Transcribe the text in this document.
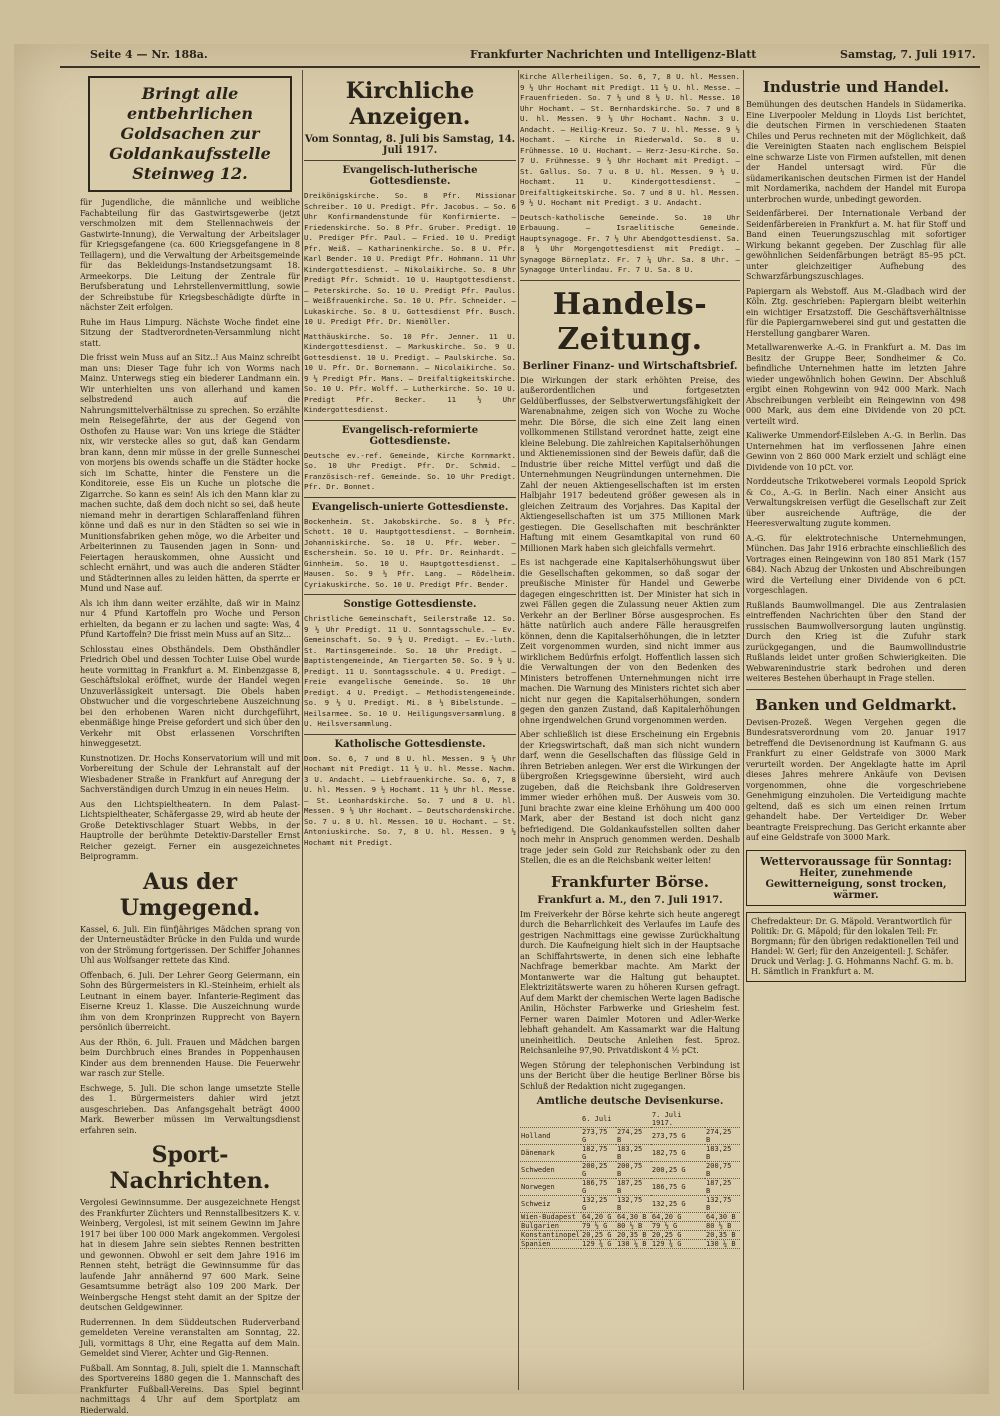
Seite 4 — Nr. 188a.	Frankfurter Nachrichten und Intelligenz-Blatt	Samstag, 7. Juli 1917.
Bringt alle entbehrlichen Goldsachen zur Goldankaufsstelle Steinweg 12.

für Jugendliche, die männliche und weibliche Fachabteilung für das Gastwirtsgewerbe (jetzt verschmolzen mit dem Stellennachweis der Gastwirte-Innung), die Verwaltung der Arbeitslager für Kriegsgefangene (ca. 600 Kriegsgefangene in 8 Teillagern), und die Verwaltung der Arbeitsgemeinde für das Bekleidungs-Instandsetzungsamt 18. Armeekorps. Die Leitung der Zentrale für Berufsberatung und Lehrstellenvermittlung, sowie der Schreibstube für Kriegsbeschädigte dürfte in nächster Zeit erfolgen.

Ruhe im Haus Limpurg. Nächste Woche findet eine Sitzung der Stadtverordneten-Versammlung nicht statt.

Die frisst wein Muss auf an Sitz..! Aus Mainz schreibt man uns: Dieser Tage fuhr ich von Worms nach Mainz. Unterwegs stieg ein biederer Landmann ein. Wir unterhielten uns von allerhand und kamen selbstredend auch auf die Nahrungsmittelverhältnisse zu sprechen. So erzählte mein Reisegefährte, der aus der Gegend von Osthofen zu Hause war: Von uns kriege die Städter nix, wir verstecke alles so gut, daß kan Gendarm bran kann, denn mir müsse in der grelle Sunneschei von morjens bis owends schaffe un die Städter hocke sich im Schatte, hinter die Fenstere un die Konditoreie, esse Eis un Kuche un plotsche die Zigarrche. So kann es sein! Als ich den Mann klar zu machen suchte, daß dem doch nicht so sei, daß heute niemand mehr in derartigen Schlaraffenland führen könne und daß es nur in den Städten so sei wie in Munitionsfabriken gehen möge, wo die Arbeiter und Arbeiterinnen zu Tausenden jagen in Sonn- und Feiertagen herauskommen, ohne Aussicht und schlecht ernährt, und was auch die anderen Städter und Städterinnen alles zu leiden hätten, da sperrte er Mund und Nase auf.

Als ich ihm dann weiter erzählte, daß wir in Mainz nur 4 Pfund Kartoffeln pro Woche und Person erhielten, da begann er zu lachen und sagte: Was, 4 Pfund Kartoffeln? Die frisst mein Muss auf an Sitz...

Schlosstau eines Obsthändels. Dem Obsthändler Friedrich Obel und dessen Tochter Luise Obel wurde heute vormittag in Frankfurt a. M. Einbenzgasse 8, Geschäftslokal eröffnet, wurde der Handel wegen Unzuverlässigkeit untersagt. Die Obels haben Obstwucher und die vorgeschriebene Auszeichnung bei den erhobenen Waren nicht durchgeführt, ebenmäßige hinge Preise gefordert und sich über den Verkehr mit Obst erlassenen Vorschriften hinweggesetzt.

Kunstnotizen. Dr. Hochs Konservatorium will und mit Vorbereitung der Schule der Lehranstalt auf der Wiesbadener Straße in Frankfurt auf Anregung der Sachverständigen durch Umzug in ein neues Heim.

Aus den Lichtspieltheatern. In dem Palast-Lichtspieltheater, Schäfergasse 29, wird ab heute der Große Detektivschlager Stuart Webbs, in der Hauptrolle der berühmte Detektiv-Darsteller Ernst Reicher gezeigt. Ferner ein ausgezeichnetes Beiprogramm.

Aus der Umgegend.

Kassel, 6. Juli. Ein fünfjähriges Mädchen sprang von der Unterneustädter Brücke in den Fulda und wurde von der Strömung fortgerissen. Der Schiffer Johannes Uhl aus Wolfsanger rettete das Kind.

Offenbach, 6. Juli. Der Lehrer Georg Geiermann, ein Sohn des Bürgermeisters in Kl.-Steinheim, erhielt als Leutnant in einem bayer. Infanterie-Regiment das Eiserne Kreuz 1. Klasse. Die Auszeichnung wurde ihm von dem Kronprinzen Rupprecht von Bayern persönlich überreicht.

Aus der Rhön, 6. Juli. Frauen und Mädchen bargen beim Durchbruch eines Brandes in Poppenhausen Kinder aus dem brennenden Hause. Die Feuerwehr war rasch zur Stelle.

Eschwege, 5. Juli. Die schon lange umsetzte Stelle des 1. Bürgermeisters dahier wird jetzt ausgeschrieben. Das Anfangsgehalt beträgt 4000 Mark. Bewerber müssen im Verwaltungsdienst erfahren sein.

Sport-Nachrichten.

Vergolesi Gewinnsumme. Der ausgezeichnete Hengst des Frankfurter Züchters und Rennstallbesitzers K. v. Weinberg, Vergolesi, ist mit seinem Gewinn im Jahre 1917 bei über 100 000 Mark angekommen. Vergolesi hat in diesem Jahre sein siebtes Rennen bestritten und gewonnen. Obwohl er seit dem Jahre 1916 im Rennen steht, beträgt die Gewinnsumme für das laufende Jahr annähernd 97 600 Mark. Seine Gesamtsumme beträgt also 109 200 Mark. Der Weinbergsche Hengst steht damit an der Spitze der deutschen Geldgewinner.

Ruderrennen. In dem Süddeutschen Ruderverband gemeldeten Vereine veranstalten am Sonntag, 22. Juli, vormittags 8 Uhr, eine Regatta auf dem Main. Gemeldet sind Vierer, Achter und Gig-Rennen.

Fußball. Am Sonntag, 8. Juli, spielt die 1. Mannschaft des Sportvereins 1880 gegen die 1. Mannschaft des Frankfurter Fußball-Vereins. Das Spiel beginnt nachmittags 4 Uhr auf dem Sportplatz am Riederwald.

Kirchliche Anzeigen.
Vom Sonntag, 8. Juli bis Samstag, 14. Juli 1917.
Evangelisch-lutherische Gottesdienste.

Dreikönigskirche. So. 8 Pfr. Missionar Schreiber. 10 U. Predigt. Pfr. Jacobus. — So. 6 Uhr Konfirmandenstunde für Konfirmierte. — Friedenskirche. So. 8 Pfr. Gruber. Predigt. 10 U. Prediger Pfr. Paul. — Fried. 10 U. Predigt Pfr. Weiß. — Katharinenkirche. So. 8 U. Pfr. Karl Bender. 10 U. Predigt Pfr. Hohmann. 11 Uhr Kindergottesdienst. — Nikolaikirche. So. 8 Uhr Predigt Pfr. Schmidt. 10 U. Hauptgottesdienst. — Peterskirche. So. 10 U. Predigt Pfr. Paulus. — Weißfrauenkirche. So. 10 U. Pfr. Schneider. — Lukaskirche. So. 8 U. Gottesdienst Pfr. Busch. 10 U. Predigt Pfr. Dr. Niemöller.

Matthäuskirche. So. 10 Pfr. Jenner. 11 U. Kindergottesdienst. — Markuskirche. So. 9 U. Gottesdienst. 10 U. Predigt. — Paulskirche. So. 10 U. Pfr. Dr. Bornemann. — Nicolaikirche. So. 9 ½ Predigt Pfr. Mans. — Dreifaltigkeitskirche. So. 10 U. Pfr. Wolff. — Lutherkirche. So. 10 U. Predigt Pfr. Becker. 11 ½ Uhr Kindergottesdienst.

Evangelisch-reformierte Gottesdienste.

Deutsche ev.-ref. Gemeinde, Kirche Kornmarkt. So. 10 Uhr Predigt. Pfr. Dr. Schmid. — Französisch-ref. Gemeinde. So. 10 Uhr Predigt. Pfr. Dr. Bonnet.

Evangelisch-unierte Gottesdienste.

Bockenheim. St. Jakobskirche. So. 8 ½ Pfr. Schott. 10 U. Hauptgottesdienst. — Bornheim. Johanniskirche. So. 10 U. Pfr. Weber. — Eschersheim. So. 10 U. Pfr. Dr. Reinhardt. — Ginnheim. So. 10 U. Hauptgottesdienst. — Hausen. So. 9 ½ Pfr. Lang. — Rödelheim. Cyriakuskirche. So. 10 U. Predigt Pfr. Bender.

Sonstige Gottesdienste.

Christliche Gemeinschaft, Seilerstraße 12. So. 9 ½ Uhr Predigt. 11 U. Sonntagsschule. — Ev. Gemeinschaft. So. 9 ½ U. Predigt. — Ev.-luth. St. Martinsgemeinde. So. 10 Uhr Predigt. — Baptistengemeinde, Am Tiergarten 50. So. 9 ½ U. Predigt. 11 U. Sonntagsschule. 4 U. Predigt. — Freie evangelische Gemeinde. So. 10 Uhr Predigt. 4 U. Predigt. — Methodistengemeinde. So. 9 ½ U. Predigt. Mi. 8 ½ Bibelstunde. — Heilsarmee. So. 10 U. Heiligungsversammlung. 8 U. Heilsversammlung.

Katholische Gottesdienste.

Dom. So. 6, 7 und 8 U. hl. Messen. 9 ½ Uhr Hochamt mit Predigt. 11 ½ U. hl. Messe. Nachm. 3 U. Andacht. — Liebfrauenkirche. So. 6, 7, 8 U. hl. Messen. 9 ½ Hochamt. 11 ½ Uhr hl. Messe. — St. Leonhardskirche. So. 7 und 8 U. hl. Messen. 9 ½ Uhr Hochamt. — Deutschordenskirche. So. 7 u. 8 U. hl. Messen. 10 U. Hochamt. — St. Antoniuskirche. So. 7, 8 U. hl. Messen. 9 ½ Hochamt mit Predigt.

Kirche Allerheiligen. So. 6, 7, 8 U. hl. Messen. 9 ½ Uhr Hochamt mit Predigt. 11 ½ U. hl. Messe. — Frauenfrieden. So. 7 ½ und 8 ½ U. hl. Messe. 10 Uhr Hochamt. — St. Bernhardskirche. So. 7 und 8 U. hl. Messen. 9 ½ Uhr Hochamt. Nachm. 3 U. Andacht. — Heilig-Kreuz. So. 7 U. hl. Messe. 9 ½ Hochamt. — Kirche in Riederwald. So. 8 U. Frühmesse. 10 U. Hochamt. — Herz-Jesu-Kirche. So. 7 U. Frühmesse. 9 ½ Uhr Hochamt mit Predigt. — St. Gallus. So. 7 u. 8 U. hl. Messen. 9 ½ U. Hochamt. 11 U. Kindergottesdienst. — Dreifaltigkeitskirche. So. 7 und 8 U. hl. Messen. 9 ½ U. Hochamt mit Predigt. 3 U. Andacht.

Deutsch-katholische Gemeinde. So. 10 Uhr Erbauung. — Israelitische Gemeinde. Hauptsynagoge. Fr. 7 ½ Uhr Abendgottesdienst. Sa. 8 ½ Uhr Morgengottesdienst mit Predigt. — Synagoge Börneplatz. Fr. 7 ¼ Uhr. Sa. 8 Uhr. — Synagoge Unterlindau. Fr. 7 U. Sa. 8 U.

Handels-Zeitung.
Berliner Finanz- und Wirtschaftsbrief.

Die Wirkungen der stark erhöhten Preise, des außerordentlichen und fortgesetzten Geldüberflusses, der Selbstverwertungsfähigkeit der Warenabnahme, zeigen sich von Woche zu Woche mehr. Die Börse, die sich eine Zeit lang einen vollkommenen Stillstand verordnet hatte, zeigt eine kleine Belebung. Die zahlreichen Kapitalserhöhungen und Aktienemissionen sind der Beweis dafür, daß die Industrie über reiche Mittel verfügt und daß die Unternehmungen Neugründungen unternehmen. Die Zahl der neuen Aktiengesellschaften ist im ersten Halbjahr 1917 bedeutend größer gewesen als in gleichen Zeitraum des Vorjahres. Das Kapital der Aktiengesellschaften ist um 375 Millionen Mark gestiegen. Die Gesellschaften mit beschränkter Haftung mit einem Gesamtkapital von rund 60 Millionen Mark haben sich gleichfalls vermehrt.

Es ist nachgerade eine Kapitalserhöhungswut über die Gesellschaften gekommen, so daß sogar der preußische Minister für Handel und Gewerbe dagegen eingeschritten ist. Der Minister hat sich in zwei Fällen gegen die Zulassung neuer Aktien zum Verkehr an der Berliner Börse ausgesprochen. Es hätte natürlich auch andere Fälle herausgreifen können, denn die Kapitalserhöhungen, die in letzter Zeit vorgenommen wurden, sind nicht immer aus wirklichem Bedürfnis erfolgt. Hoffentlich lassen sich die Verwaltungen der von den Bedenken des Ministers betroffenen Unternehmungen nicht irre machen. Die Warnung des Ministers richtet sich aber nicht nur gegen die Kapitalserhöhungen, sondern gegen den ganzen Zustand, daß Kapitalerhöhungen ohne irgendwelchen Grund vorgenommen werden.

Aber schließlich ist diese Erscheinung ein Ergebnis der Kriegswirtschaft, daß man sich nicht wundern darf, wenn die Gesellschaften das flüssige Geld in ihren Betrieben anlegen. Wer erst die Wirkungen der übergroßen Kriegsgewinne übersieht, wird auch zugeben, daß die Reichsbank ihre Goldreserven immer wieder erhöhen muß. Der Ausweis vom 30. Juni brachte zwar eine kleine Erhöhung um 400 000 Mark, aber der Bestand ist doch nicht ganz befriedigend. Die Goldankaufsstellen sollten daher noch mehr in Anspruch genommen werden. Deshalb trage jeder sein Gold zur Reichsbank oder zu den Stellen, die es an die Reichsbank weiter leiten!

Frankfurter Börse.
Frankfurt a. M., den 7. Juli 1917.

Im Freiverkehr der Börse kehrte sich heute angeregt durch die Beharrlichkeit des Verlaufes im Laufe des gestrigen Nachmittags eine gewisse Zurückhaltung durch. Die Kaufneigung hielt sich in der Hauptsache an Schiffahrtswerte, in denen sich eine lebhafte Nachfrage bemerkbar machte. Am Markt der Montanwerte war die Haltung gut behauptet. Elektrizitätswerte waren zu höheren Kursen gefragt. Auf dem Markt der chemischen Werte lagen Badische Anilin, Höchster Farbwerke und Griesheim fest. Ferner waren Daimler Motoren und Adler-Werke lebhaft gehandelt. Am Kassamarkt war die Haltung uneinheitlich. Deutsche Anleihen fest. 5proz. Reichsanleihe 97,90. Privatdiskont 4 ½ pCt.

Wegen Störung der telephonischen Verbindung ist uns der Bericht über die heutige Berliner Börse bis Schluß der Redaktion nicht zugegangen.

Amtliche deutsche Devisenkurse.
	6. Juli		7. Juli 1917.	
Holland	273,75 G	274,25 B	273,75 G	274,25 B
Dänemark	182,75 G	183,25 B	182,75 G	183,25 B
Schweden	200,25 G	200,75 B	200,25 G	200,75 B
Norwegen	186,75 G	187,25 B	186,75 G	187,25 B
Schweiz	132,25 G	132,75 B	132,25 G	132,75 B
Wien-Budapest	64,20 G	64,30 B	64,20 G	64,30 B
Bulgarien	79 ½ G	80 ½ B	79 ½ G	80 ½ B
Konstantinopel	20,25 G	20,35 B	20,25 G	20,35 B
Spanien	129 ¾ G	130 ¼ B	129 ¾ G	130 ¼ B
Industrie und Handel.

Bemühungen des deutschen Handels in Südamerika. Eine Liverpooler Meldung in Lloyds List berichtet, die deutschen Firmen in verschiedenen Staaten Chiles und Perus rechneten mit der Möglichkeit, daß die Vereinigten Staaten nach englischem Beispiel eine schwarze Liste von Firmen aufstellen, mit denen der Handel untersagt wird. Für die südamerikanischen deutschen Firmen ist der Handel mit Nordamerika, nachdem der Handel mit Europa unterbrochen wurde, unbedingt geworden.

Seidenfärberei. Der Internationale Verband der Seidenfärbereien in Frankfurt a. M. hat für Stoff und Band einen Teuerungszuschlag mit sofortiger Wirkung bekannt gegeben. Der Zuschlag für alle gewöhnlichen Seidenfärbungen beträgt 85–95 pCt. unter gleichzeitiger Aufhebung des Schwarzfärbungszuschlages.

Papiergarn als Webstoff. Aus M.-Gladbach wird der Köln. Ztg. geschrieben: Papiergarn bleibt weiterhin ein wichtiger Ersatzstoff. Die Geschäftsverhältnisse für die Papiergarnweberei sind gut und gestatten die Herstellung gangbarer Waren.

Metallwarenwerke A.-G. in Frankfurt a. M. Das im Besitz der Gruppe Beer, Sondheimer & Co. befindliche Unternehmen hatte im letzten Jahre wieder ungewöhnlich hohen Gewinn. Der Abschluß ergibt einen Rohgewinn von 942 000 Mark. Nach Abschreibungen verbleibt ein Reingewinn von 498 000 Mark, aus dem eine Dividende von 20 pCt. verteilt wird.

Kaliwerke Ummendorf-Eilsleben A.-G. in Berlin. Das Unternehmen hat im verflossenen Jahre einen Gewinn von 2 860 000 Mark erzielt und schlägt eine Dividende von 10 pCt. vor.

Norddeutsche Trikotweberei vormals Leopold Sprick & Co., A.-G. in Berlin. Nach einer Ansicht aus Verwaltungskreisen verfügt die Gesellschaft zur Zeit über ausreichende Aufträge, die der Heeresverwaltung zugute kommen.

A.-G. für elektrotechnische Unternehmungen, München. Das Jahr 1916 erbrachte einschließlich des Vortrages einen Reingewinn von 180 851 Mark (157 684). Nach Abzug der Unkosten und Abschreibungen wird die Verteilung einer Dividende von 6 pCt. vorgeschlagen.

Rußlands Baumwollmangel. Die aus Zentralasien eintreffenden Nachrichten über den Stand der russischen Baumwollversorgung lauten ungünstig. Durch den Krieg ist die Zufuhr stark zurückgegangen, und die Baumwollindustrie Rußlands leidet unter großen Schwierigkeiten. Die Webwarenindustrie stark bedrohen und deren weiteres Bestehen überhaupt in Frage stellen.

Banken und Geldmarkt.

Devisen-Prozeß. Wegen Vergehen gegen die Bundesratsverordnung vom 20. Januar 1917 betreffend die Devisenordnung ist Kaufmann G. aus Frankfurt zu einer Geldstrafe von 3000 Mark verurteilt worden. Der Angeklagte hatte im April dieses Jahres mehrere Ankäufe von Devisen vorgenommen, ohne die vorgeschriebene Genehmigung einzuholen. Die Verteidigung machte geltend, daß es sich um einen reinen Irrtum gehandelt habe. Der Verteidiger Dr. Weber beantragte Freisprechung. Das Gericht erkannte aber auf eine Geldstrafe von 3000 Mark.

Wettervoraussage für Sonntag:
Heiter, zunehmende Gewitterneigung, sonst trocken, wärmer.
Chefredakteur: Dr. G. Mäpold. Verantwortlich für Politik: Dr. G. Mäpold; für den lokalen Teil: Fr. Borgmann; für den übrigen redaktionellen Teil und Handel: W. Gerl; für den Anzeigenteil: J. Schäfer. Druck und Verlag: J. G. Hohmanns Nachf. G. m. b. H. Sämtlich in Frankfurt a. M.
